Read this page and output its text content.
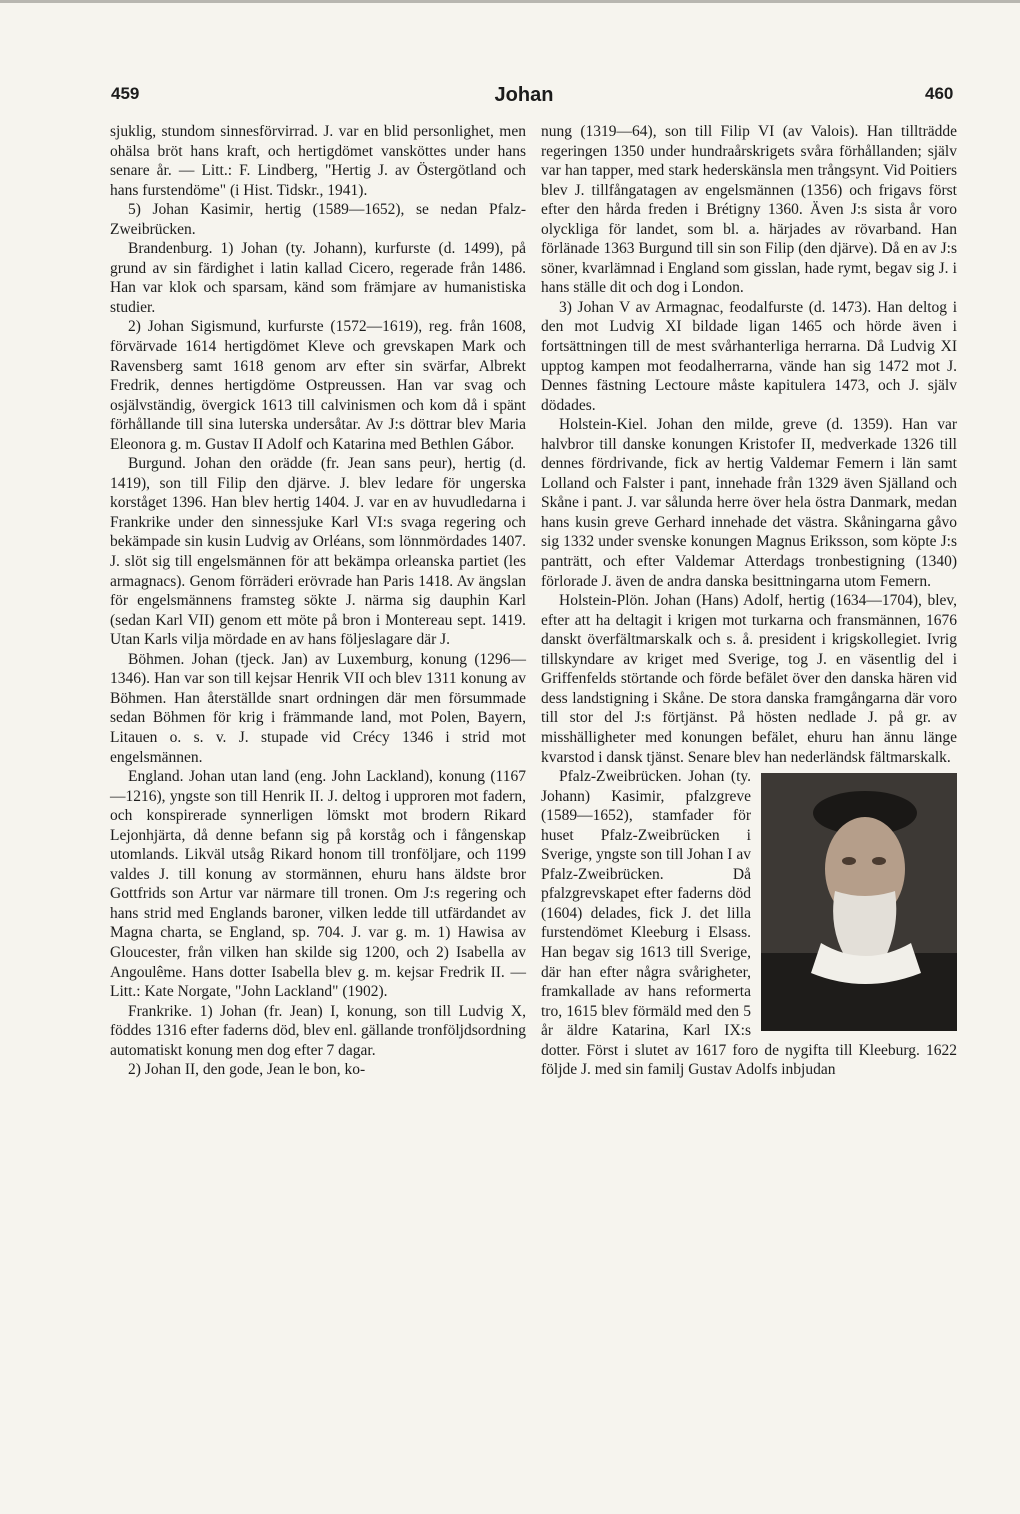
459	Johan	460

sjuklig, stundom sinnesförvirrad. J. var en blid personlighet, men ohälsa bröt hans kraft, och hertigdömet vansköttes under hans senare år. — Litt.: F. Lindberg, "Hertig J. av Östergötland och hans furstendöme" (i Hist. Tidskr., 1941).

5) Johan Kasimir, hertig (1589—1652), se nedan Pfalz-Zweibrücken.

Brandenburg. 1) Johan (ty. Johann), kurfurste (d. 1499), på grund av sin färdighet i latin kallad Cicero, regerade från 1486. Han var klok och sparsam, känd som främjare av humanistiska studier.

2) Johan Sigismund, kurfurste (1572—1619), reg. från 1608, förvärvade 1614 hertigdömet Kleve och grevskapen Mark och Ravensberg samt 1618 genom arv efter sin svärfar, Albrekt Fredrik, dennes hertigdöme Ostpreussen. Han var svag och osjälvständig, övergick 1613 till calvinismen och kom då i spänt förhållande till sina luterska undersåtar. Av J:s döttrar blev Maria Eleonora g. m. Gustav II Adolf och Katarina med Bethlen Gábor.

Burgund. Johan den orädde (fr. Jean sans peur), hertig (d. 1419), son till Filip den djärve. J. blev ledare för ungerska korståget 1396. Han blev hertig 1404. J. var en av huvudledarna i Frankrike under den sinnessjuke Karl VI:s svaga regering och bekämpade sin kusin Ludvig av Orléans, som lönnmördades 1407. J. slöt sig till engelsmännen för att bekämpa orleanska partiet (les armagnacs). Genom förräderi erövrade han Paris 1418. Av ängslan för engelsmännens framsteg sökte J. närma sig dauphin Karl (sedan Karl VII) genom ett möte på bron i Montereau sept. 1419. Utan Karls vilja mördade en av hans följeslagare där J.

Böhmen. Johan (tjeck. Jan) av Luxemburg, konung (1296—1346). Han var son till kejsar Henrik VII och blev 1311 konung av Böhmen. Han återställde snart ordningen där men försummade sedan Böhmen för krig i främmande land, mot Polen, Bayern, Litauen o. s. v. J. stupade vid Crécy 1346 i strid mot engelsmännen.

England. Johan utan land (eng. John Lackland), konung (1167—1216), yngste son till Henrik II. J. deltog i upproren mot fadern, och konspirerade synnerligen lömskt mot brodern Rikard Lejonhjärta, då denne befann sig på korståg och i fångenskap utomlands. Likväl utsåg Rikard honom till tronföljare, och 1199 valdes J. till konung av stormännen, ehuru hans äldste bror Gottfrids son Artur var närmare till tronen. Om J:s regering och hans strid med Englands baroner, vilken ledde till utfärdandet av Magna charta, se England, sp. 704. J. var g. m. 1) Hawisa av Gloucester, från vilken han skilde sig 1200, och 2) Isabella av Angoulême. Hans dotter Isabella blev g. m. kejsar Fredrik II. — Litt.: Kate Norgate, "John Lackland" (1902).

Frankrike. 1) Johan (fr. Jean) I, konung, son till Ludvig X, föddes 1316 efter faderns död, blev enl. gällande tronföljdsordning automatiskt konung men dog efter 7 dagar.

2) Johan II, den gode, Jean le bon, ko-

nung (1319—64), son till Filip VI (av Valois). Han tillträdde regeringen 1350 under hundraårskrigets svåra förhållanden; själv var han tapper, med stark hederskänsla men trångsynt. Vid Poitiers blev J. tillfångatagen av engelsmännen (1356) och frigavs först efter den hårda freden i Brétigny 1360. Även J:s sista år voro olyckliga för landet, som bl. a. härjades av rövarband. Han förlänade 1363 Burgund till sin son Filip (den djärve). Då en av J:s söner, kvarlämnad i England som gisslan, hade rymt, begav sig J. i hans ställe dit och dog i London.

3) Johan V av Armagnac, feodalfurste (d. 1473). Han deltog i den mot Ludvig XI bildade ligan 1465 och hörde även i fortsättningen till de mest svårhanterliga herrarna. Då Ludvig XI upptog kampen mot feodalherrarna, vände han sig 1472 mot J. Dennes fästning Lectoure måste kapitulera 1473, och J. själv dödades.

Holstein-Kiel. Johan den milde, greve (d. 1359). Han var halvbror till danske konungen Kristofer II, medverkade 1326 till dennes fördrivande, fick av hertig Valdemar Femern i län samt Lolland och Falster i pant, innehade från 1329 även Själland och Skåne i pant. J. var sålunda herre över hela östra Danmark, medan hans kusin greve Gerhard innehade det västra. Skåningarna gåvo sig 1332 under svenske konungen Magnus Eriksson, som köpte J:s panträtt, och efter Valdemar Atterdags tronbestigning (1340) förlorade J. även de andra danska besittningarna utom Femern.

Holstein-Plön. Johan (Hans) Adolf, hertig (1634—1704), blev, efter att ha deltagit i krigen mot turkarna och fransmännen, 1676 danskt överfältmarskalk och s. å. president i krigskollegiet. Ivrig tillskyndare av kriget med Sverige, tog J. en väsentlig del i Griffenfelds störtande och förde befälet över den danska hären vid dess landstigning i Skåne. De stora danska framgångarna där voro till stor del J:s förtjänst. På hösten nedlade J. på gr. av misshälligheter med konungen befälet, ehuru han ännu länge kvarstod i dansk tjänst. Senare blev han nederländsk fältmarskalk.

Pfalz-Zweibrücken. Johan (ty. Johann) Kasimir, pfalzgreve (1589—1652), stamfader för huset Pfalz-Zweibrücken i Sverige, yngste son till Johan I av Pfalz-Zweibrücken. Då pfalzgrevskapet efter faderns död (1604) delades, fick J. det lilla furstendömet Kleeburg i Elsass. Han begav sig 1613 till Sverige, där han efter några svårigheter, framkallade av hans reformerta tro, 1615 blev förmäld med den 5 år äldre Katarina, Karl IX:s dotter. Först i slutet av 1617 foro de nygifta till Kleeburg. 1622 följde J. med sin familj Gustav Adolfs inbjudan
